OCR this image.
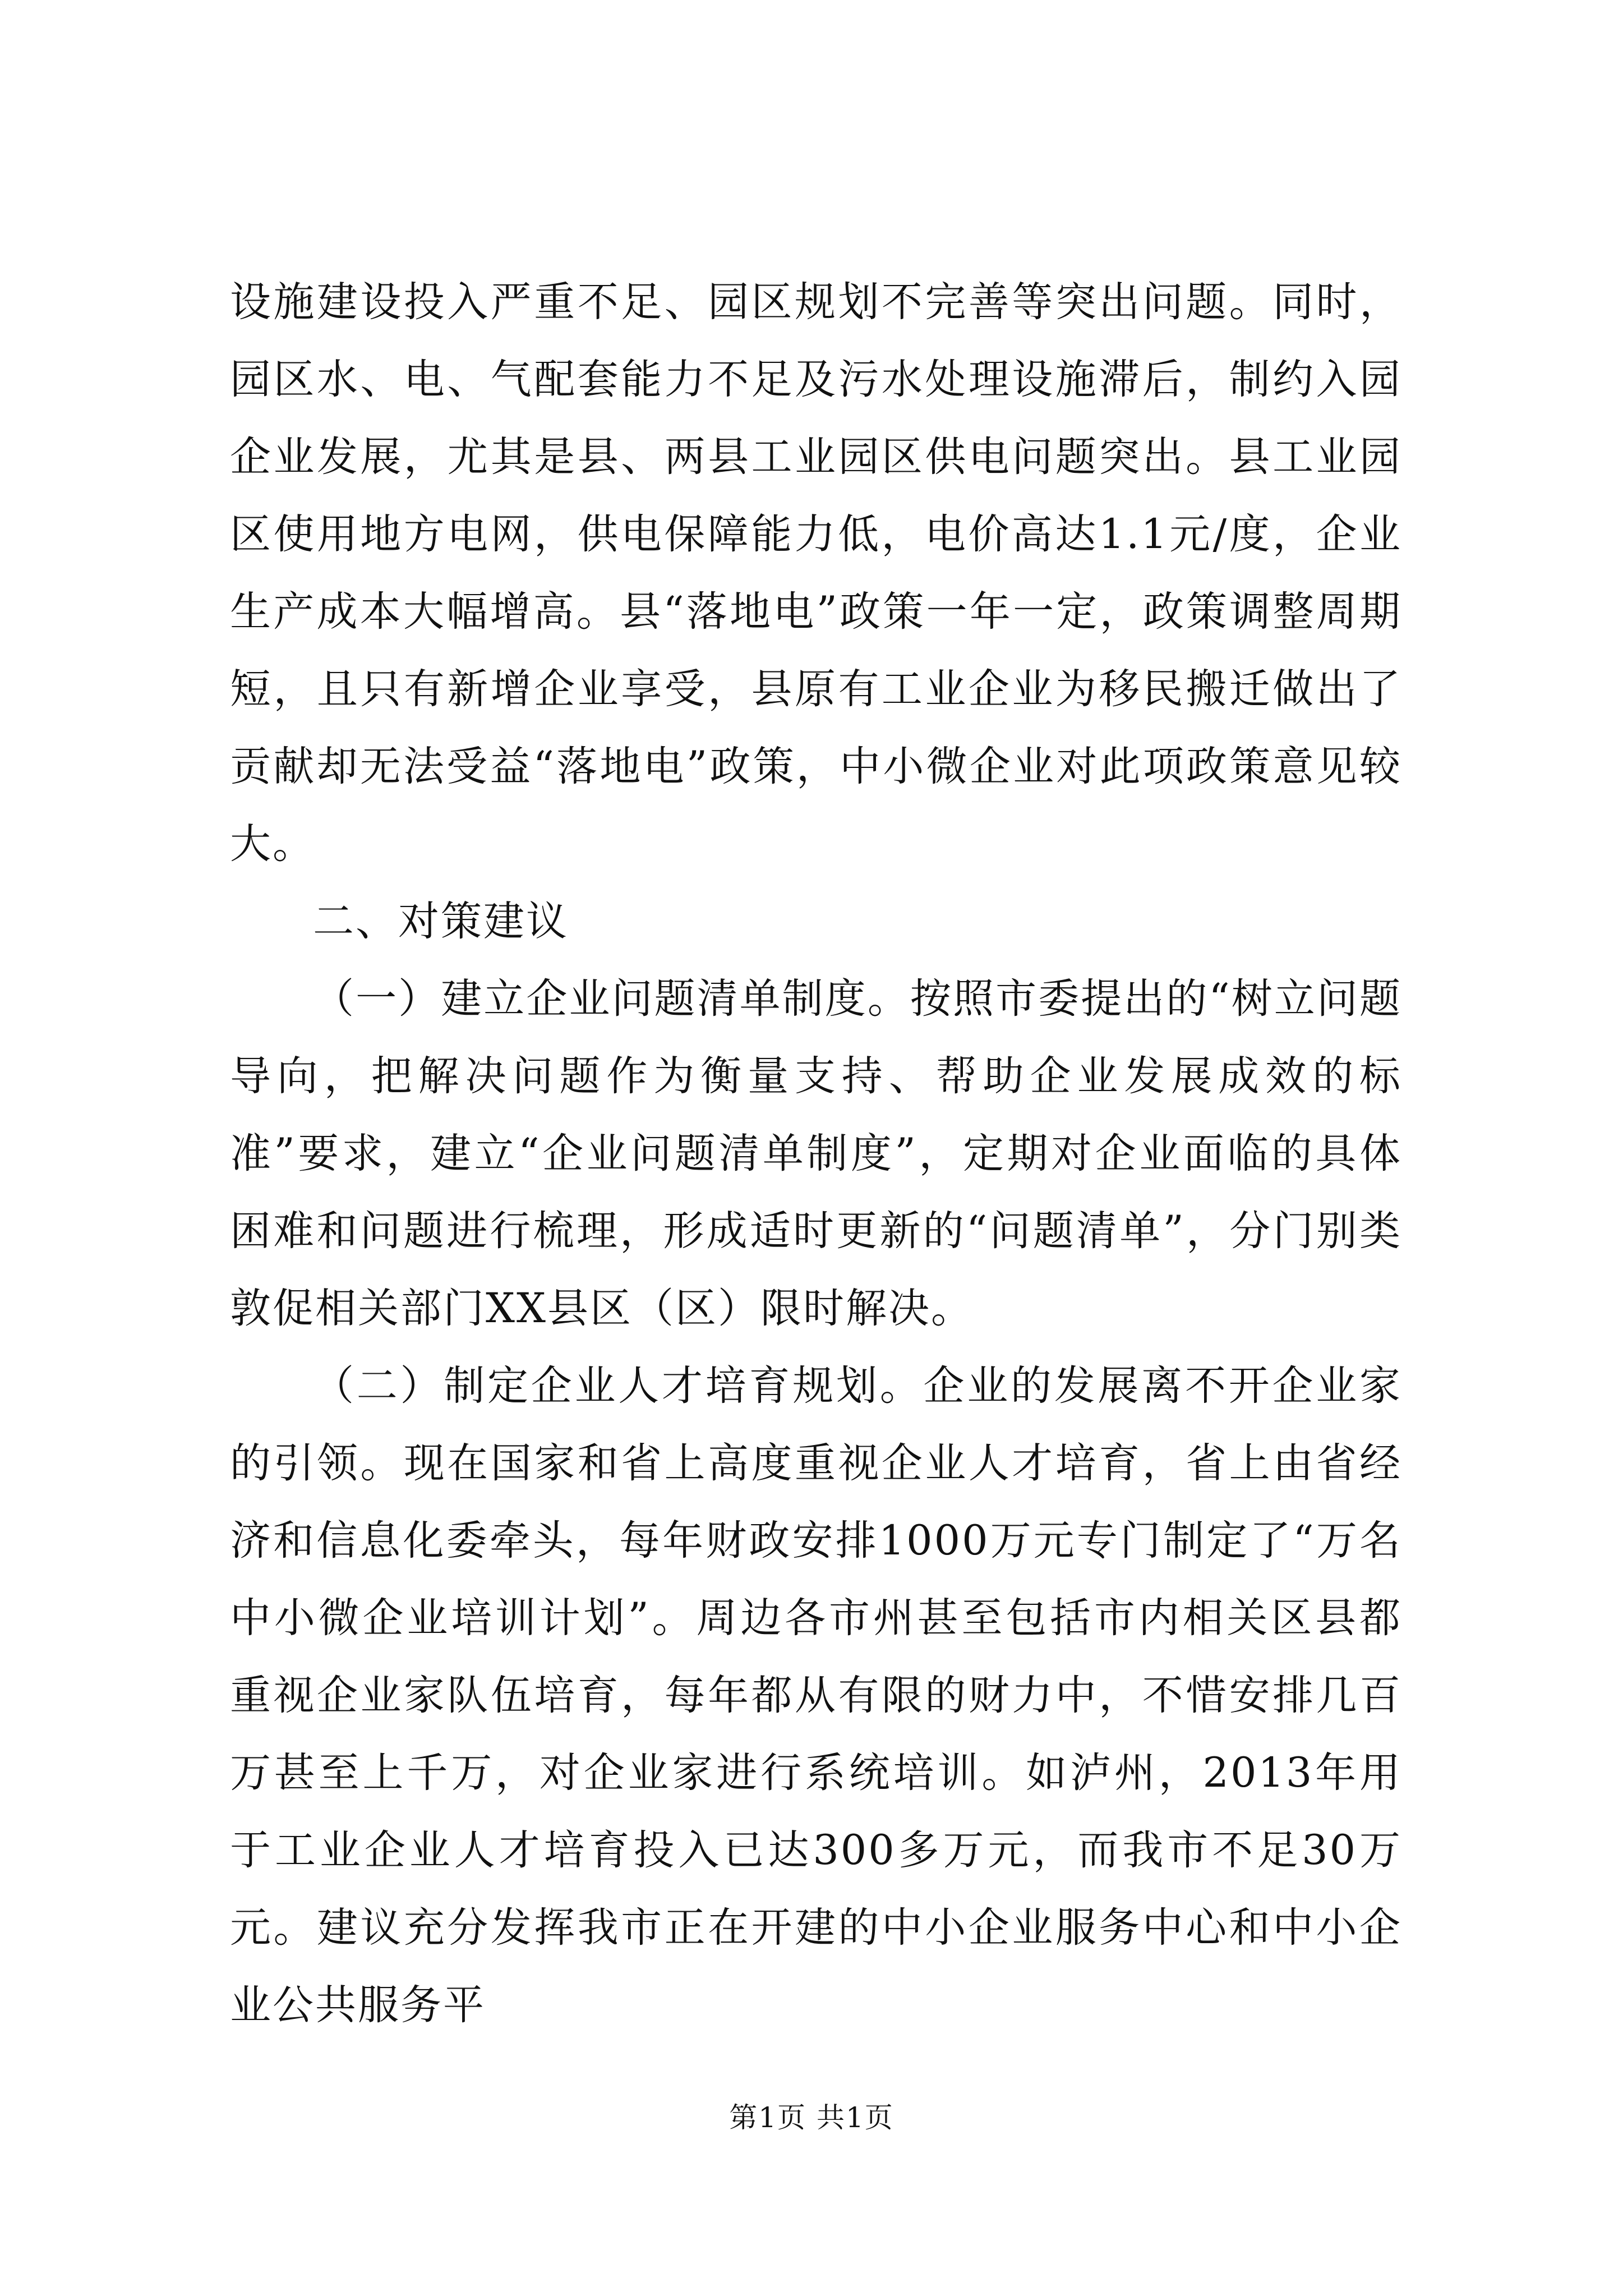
设施建设投入严重不足、园区规划不完善等突出问题。同时，园区水、电、气配套能力不足及污水处理设施滞后，制约入园企业发展，尤其是县、两县工业园区供电问题突出。县工业园区使用地方电网，供电保障能力低，电价高达1.1元/度，企业生产成本大幅增高。县“落地电”政策一年一定，政策调整周期短，且只有新增企业享受，县原有工业企业为移民搬迁做出了贡献却无法受益“落地电”政策，中小微企业对此项政策意见较大。

二、对策建议

（一）建立企业问题清单制度。按照市委提出的“树立问题导向，把解决问题作为衡量支持、帮助企业发展成效的标准”要求，建立“企业问题清单制度”，定期对企业面临的具体困难和问题进行梳理，形成适时更新的“问题清单”，分门别类敦促相关部门XX县区（区）限时解决。

（二）制定企业人才培育规划。企业的发展离不开企业家的引领。现在国家和省上高度重视企业人才培育，省上由省经济和信息化委牵头，每年财政安排1000万元专门制定了“万名中小微企业培训计划”。周边各市州甚至包括市内相关区县都重视企业家队伍培育，每年都从有限的财力中，不惜安排几百万甚至上千万，对企业家进行系统培训。如泸州，2013年用于工业企业人才培育投入已达300多万元，而我市不足30万元。建议充分发挥我市正在开建的中小企业服务中心和中小企业公共服务平

第1页 共1页
